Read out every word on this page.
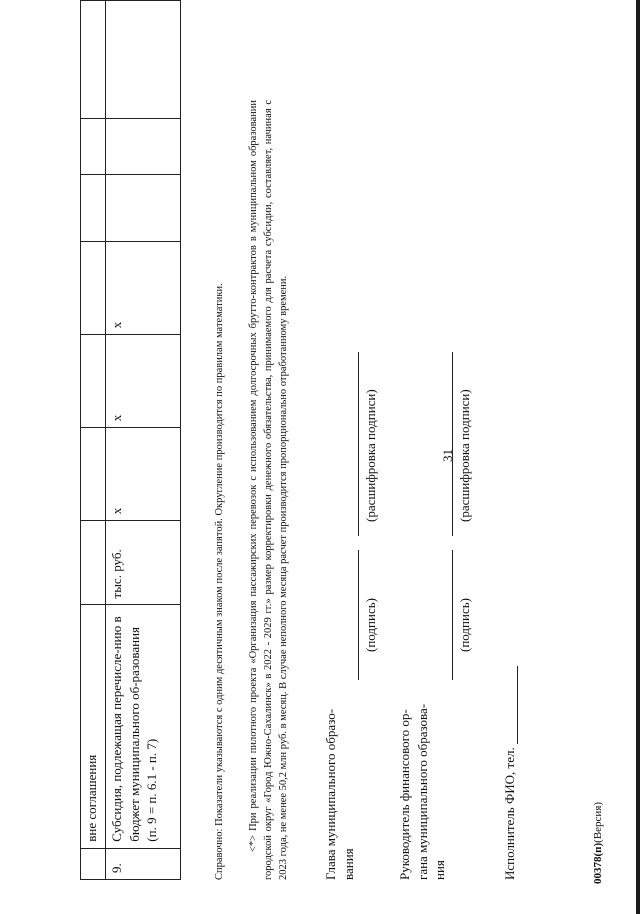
31
	вне соглашения							
9.	Субсидия, подлежащая перечисле-нию в бюджет муниципального об-разования (п. 9 = п. 6.1 - п. 7)	тыс. руб.	x	x	x				Справочно: Показатели указываются с одним десятичным знаком после запятой. Округление производится по правилам математики. <*> При реализации пилотного проекта «Организация пассажирских перевозок с использованием долгосрочных брутто-контрактов в муниципальном образовании городской округ «Город Южно-Сахалинск» в 2022 - 2029 гг.» размер корректировки денежного обязательства, принимаемого для расчета субсидии, составляет, начиная с 2023 года, не менее 50,2 млн руб. в месяц. В случае неполного месяца расчет производится пропорционально отработанному времени.	Глава муниципального образо-вания
(подпись)
(расшифровка подписи)
Руководитель финансового ор-гана муниципального образова-ния
(подпись)
(расшифровка подписи)
Исполнитель ФИО, тел.	00378(п)(Версия)
